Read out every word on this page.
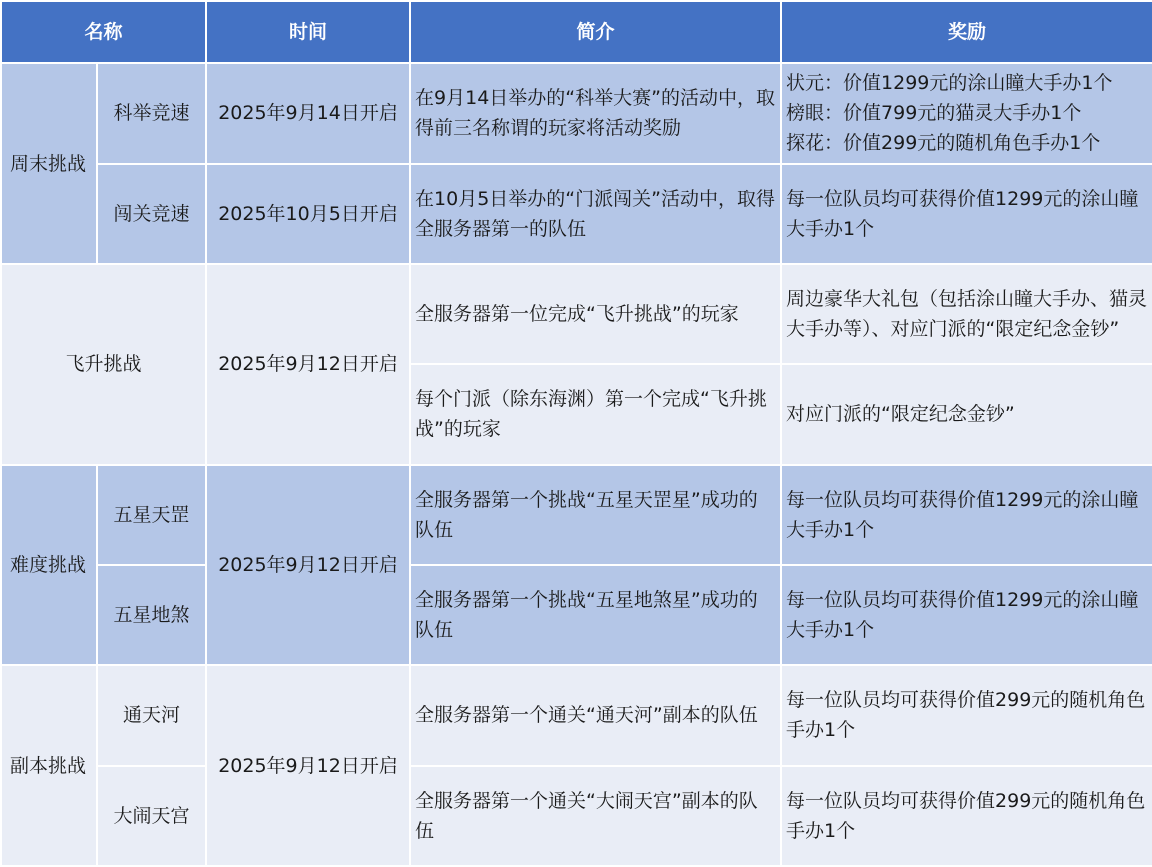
名称		时间	简介	奖励
周末挑战	科举竞速	2025年9月14日开启	在9月14日举办的“科举大赛”的活动中，取得前三名称谓的玩家将活动奖励	状元：价值1299元的涂山瞳大手办1个
榜眼：价值799元的猫灵大手办1个
探花：价值299元的随机角色手办1个

	闯关竞速	2025年10月5日开启	在10月5日举办的“门派闯关”活动中，取得全服务器第一的队伍	每一位队员均可获得价值1299元的涂山瞳大手办1个
飞升挑战		2025年9月12日开启	全服务器第一位完成“飞升挑战”的玩家	周边豪华大礼包（包括涂山瞳大手办、猫灵大手办等）、对应门派的“限定纪念金钞”
			每个门派（除东海渊）第一个完成“飞升挑战”的玩家	对应门派的“限定纪念金钞”
难度挑战	五星天罡	2025年9月12日开启	全服务器第一个挑战“五星天罡星”成功的队伍	每一位队员均可获得价值1299元的涂山瞳大手办1个
	五星地煞		全服务器第一个挑战“五星地煞星”成功的队伍	每一位队员均可获得价值1299元的涂山瞳大手办1个
副本挑战	通天河	2025年9月12日开启	全服务器第一个通关“通天河”副本的队伍	每一位队员均可获得价值299元的随机角色手办1个
	大闹天宫		全服务器第一个通关“大闹天宫”副本的队伍	每一位队员均可获得价值299元的随机角色手办1个
